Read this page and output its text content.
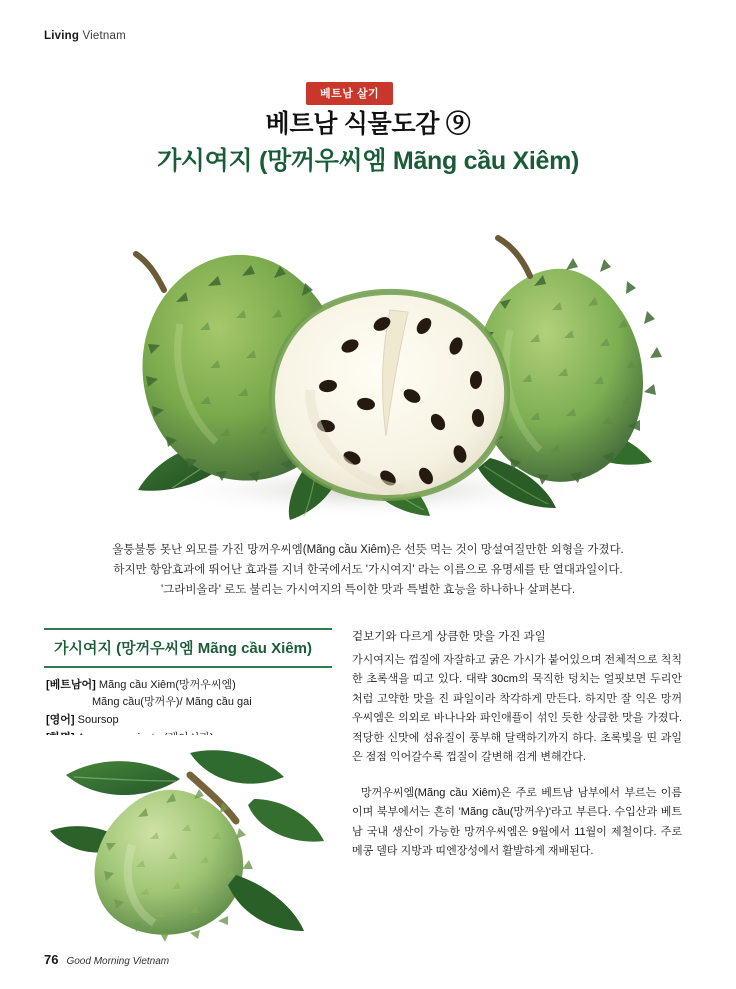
Living Vietnam
LIVING VIETNAM
베트남 살기
베트남 식물도감 ⑨
가시여지 (망꺼우씨엠 Mãng cầu Xiêm)
울퉁불퉁 못난 외모를 가진 망꺼우씨엠(Mãng cầu Xiêm)은 선뜻 먹는 것이 망설여질만한 외형을 가졌다.
하지만 항암효과에 뛰어난 효과를 지녀 한국에서도 '가시여지' 라는 이름으로 유명세를 탄 열대과일이다.
'그라비올라' 로도 불리는 가시여지의 특이한 맛과 특별한 효능을 하나하나 살펴본다.
가시여지 (망꺼우씨엠 Mãng cầu Xiêm)
[베트남어] Mãng cầu Xiêm(망꺼우씨엠)
Mãng cầu(망꺼우)/ Mãng cầu gai
[영어] Soursop
겉보기와 다르게 상큼한 맛을 가진 과일

가시여지는 껍질에 자잘하고 굵은 가시가 붙어있으며 전체적으로 칙칙한 초록색을 띠고 있다. 대략 30cm의 묵직한 덩치는 얼핏보면 두리안처럼 고약한 맛을 진 파일이라 착각하게 만든다. 하지만 잘 익은 망꺼우씨엠은 의외로 바나나와 파인애플이 섞인 듯한 상큼한 맛을 가졌다. 적당한 신맛에 섬유질이 풍부해 달랙하기까지 하다. 초록빛을 띤 과일은 점점 익어갈수록 껍질이 갈변해 검게 변해간다.

망꺼우씨엠(Mãng cầu Xiêm)은 주로 베트남 남부에서 부르는 이름이며 북부에서는 흔히 'Mãng cầu(망꺼우)'라고 부른다. 수입산과 베트남 국내 생산이 가능한 망꺼우씨엠은 9월에서 11월이 제철이다. 주로 메콩 델타 지방과 띠엔장성에서 활발하게 재배된다.

76 Good Morning Vietnam
